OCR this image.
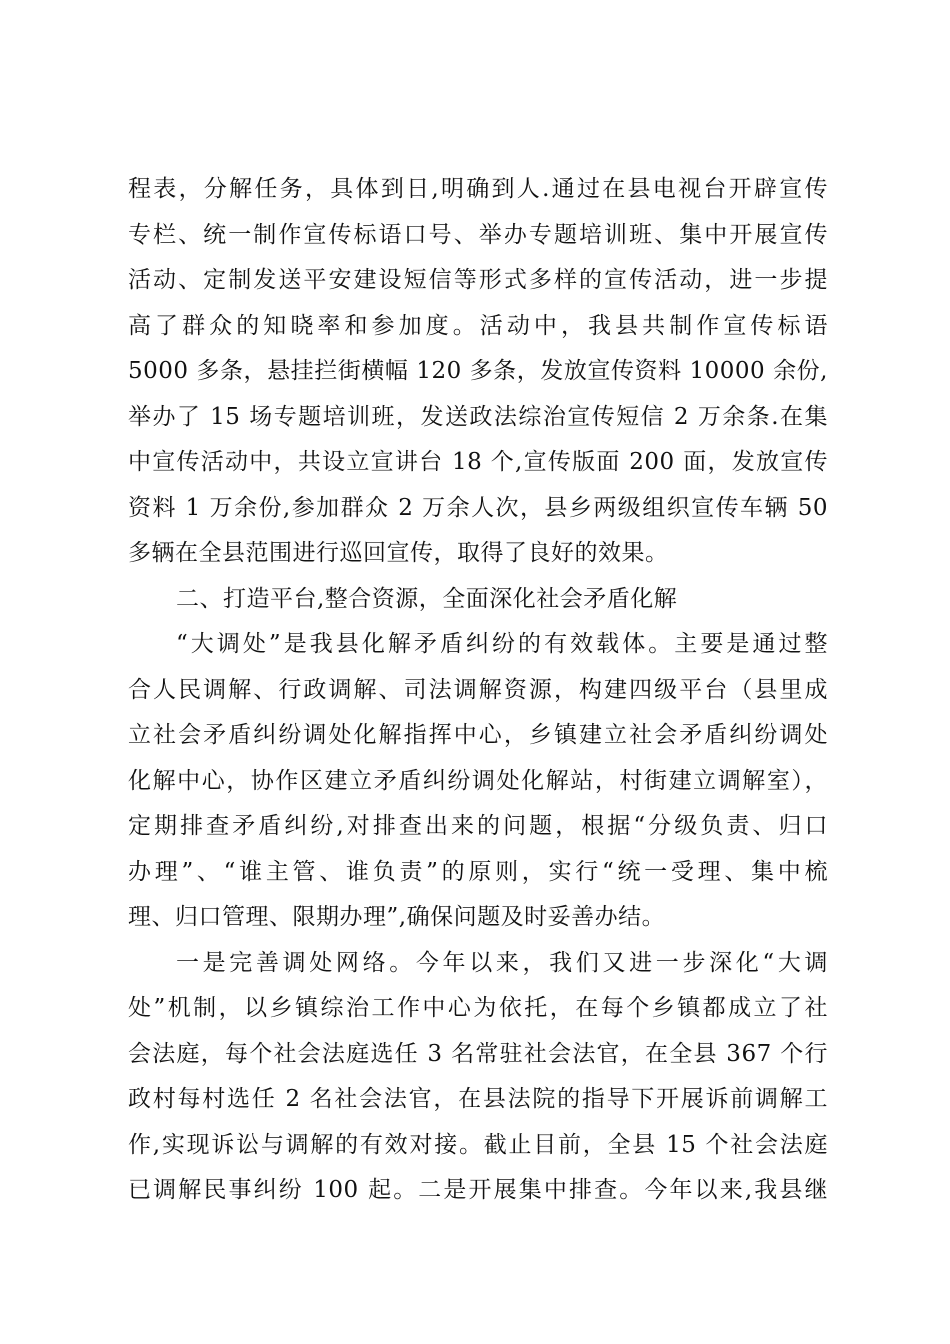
程表，分解任务，具体到日,明确到人.通过在县电视台开辟宣传
专栏、统一制作宣传标语口号、举办专题培训班、集中开展宣传
活动、定制发送平安建设短信等形式多样的宣传活动，进一步提
高了群众的知晓率和参加度。活动中，我县共制作宣传标语
5000 多条，悬挂拦街横幅 120 多条，发放宣传资料 10000 余份,
举办了 15 场专题培训班，发送政法综治宣传短信 2 万余条.在集
中宣传活动中，共设立宣讲台 18 个,宣传版面 200 面，发放宣传
资料 1 万余份,参加群众 2 万余人次，县乡两级组织宣传车辆 50
多辆在全县范围进行巡回宣传，取得了良好的效果。
二、打造平台,整合资源，全面深化社会矛盾化解
“大调处”是我县化解矛盾纠纷的有效载体。主要是通过整
合人民调解、行政调解、司法调解资源，构建四级平台（县里成
立社会矛盾纠纷调处化解指挥中心，乡镇建立社会矛盾纠纷调处
化解中心，协作区建立矛盾纠纷调处化解站，村街建立调解室），
定期排查矛盾纠纷,对排查出来的问题，根据“分级负责、归口
办理”、“谁主管、谁负责”的原则，实行“统一受理、集中梳
理、归口管理、限期办理”,确保问题及时妥善办结。
一是完善调处网络。今年以来，我们又进一步深化“大调
处”机制，以乡镇综治工作中心为依托，在每个乡镇都成立了社
会法庭，每个社会法庭选任 3 名常驻社会法官，在全县 367 个行
政村每村选任 2 名社会法官，在县法院的指导下开展诉前调解工
作,实现诉讼与调解的有效对接。截止目前，全县 15 个社会法庭
已调解民事纠纷 100 起。二是开展集中排查。今年以来,我县继
